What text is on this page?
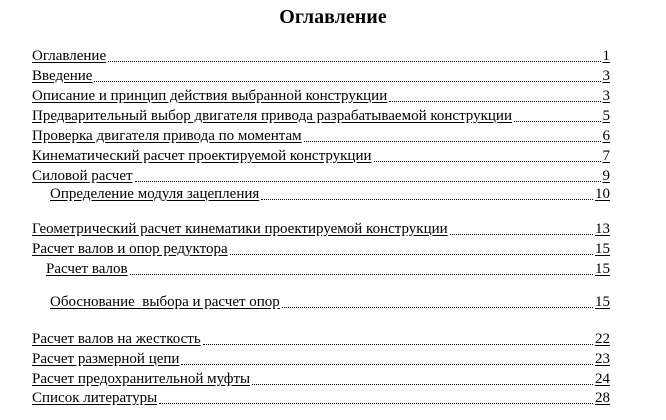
Оглавление
Оглавление	1
Введение	3
Описание и принцип действия выбранной конструкции	3
Предварительный выбор двигателя привода разрабатываемой конструкции	5
Проверка двигателя привода по моментам	6
Кинематический расчет проектируемой конструкции	7
Силовой расчет	9
Определение модуля зацепления	10
Геометрический расчет кинематики проектируемой конструкции	13
Расчет валов и опор редуктора	15
Расчет валов	15
Обоснование  выбора и расчет опор	15
Расчет валов на жесткость	22
Расчет размерной цепи	23
Расчет предохранительной муфты	24
Список литературы	28
